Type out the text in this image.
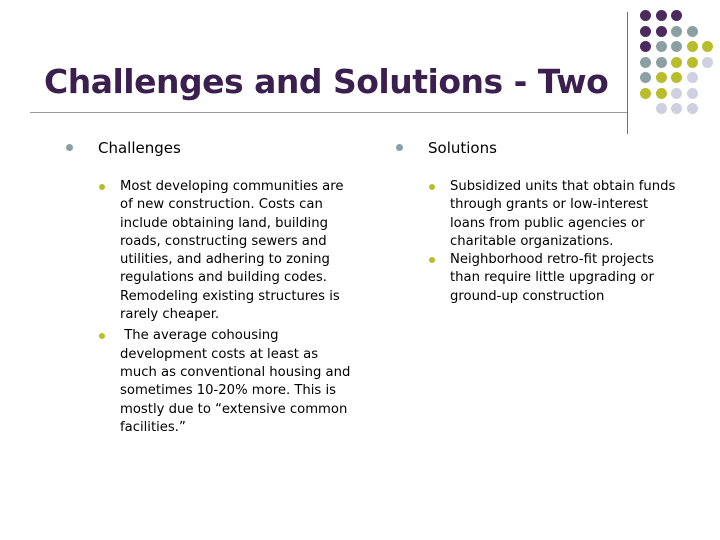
Challenges and Solutions - Two
Challenges
Most developing communities are of new construction. Costs can include obtaining land, building roads, constructing sewers and utilities, and adhering to zoning regulations and building codes. Remodeling existing structures is rarely cheaper.
The average cohousing development costs at least as much as conventional housing and sometimes 10-20% more. This is mostly due to “extensive common facilities.”
Solutions
Subsidized units that obtain funds through grants or low-interest loans from public agencies or charitable organizations.
Neighborhood retro-fit projects than require little upgrading or ground-up construction
